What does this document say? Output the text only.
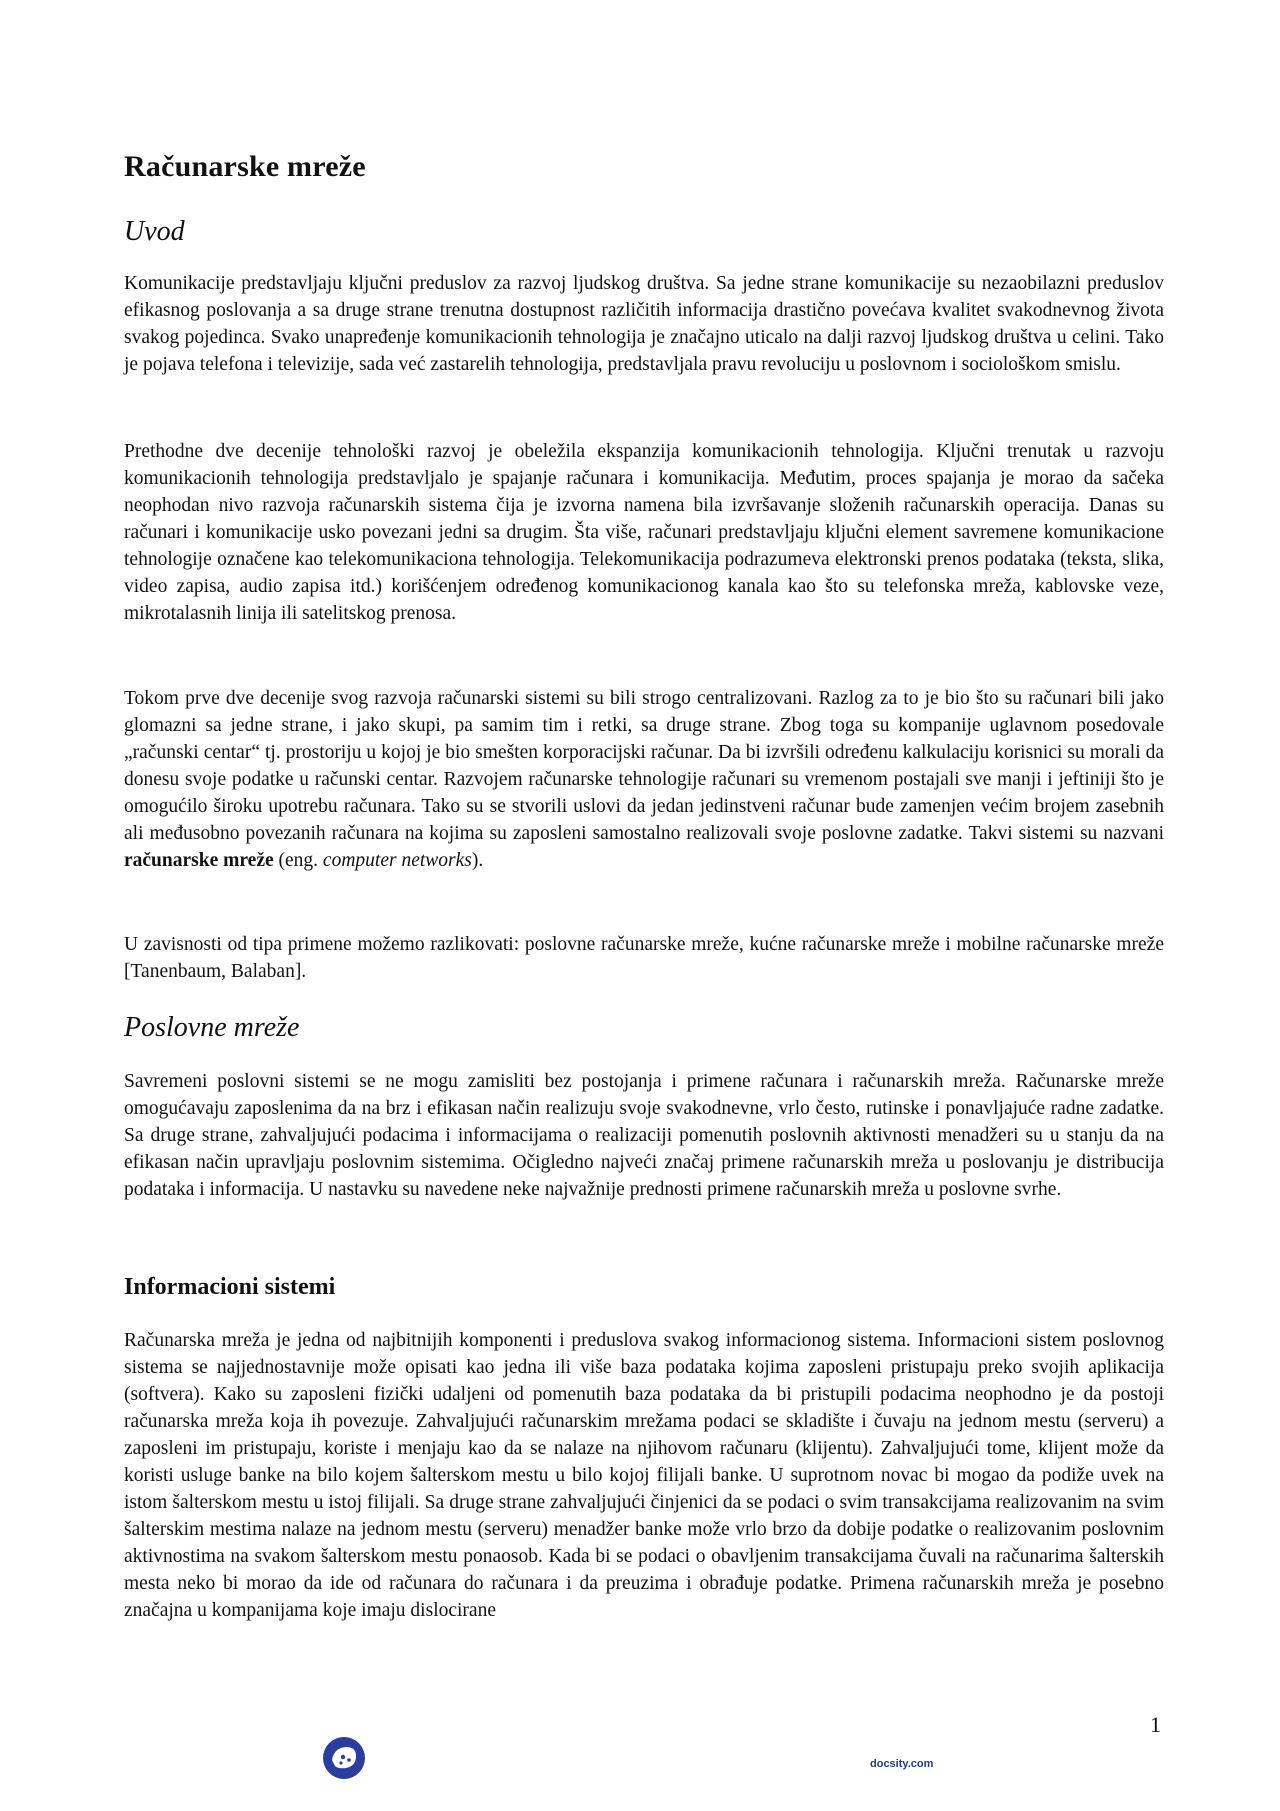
Računarske mreže
Uvod

Komunikacije predstavljaju ključni preduslov za razvoj ljudskog društva. Sa jedne strane komunikacije su nezaobilazni preduslov efikasnog poslovanja a sa druge strane trenutna dostupnost različitih informacija drastično povećava kvalitet svakodnevnog života svakog pojedinca. Svako unapređenje komunikacionih tehnologija je značajno uticalo na dalji razvoj ljudskog društva u celini. Tako je pojava telefona i televizije, sada već zastarelih tehnologija, predstavljala pravu revoluciju u poslovnom i sociološkom smislu.

Prethodne dve decenije tehnološki razvoj je obeležila ekspanzija komunikacionih tehnologija. Ključni trenutak u razvoju komunikacionih tehnologija predstavljalo je spajanje računara i komunikacija. Međutim, proces spajanja je morao da sačeka neophodan nivo razvoja računarskih sistema čija je izvorna namena bila izvršavanje složenih računarskih operacija. Danas su računari i komunikacije usko povezani jedni sa drugim. Šta više, računari predstavljaju ključni element savremene komunikacione tehnologije označene kao telekomunikaciona tehnologija. Telekomunikacija podrazumeva elektronski prenos podataka (teksta, slika, video zapisa, audio zapisa itd.) korišćenjem određenog komunikacionog kanala kao što su telefonska mreža, kablovske veze, mikrotalasnih linija ili satelitskog prenosa.

Tokom prve dve decenije svog razvoja računarski sistemi su bili strogo centralizovani. Razlog za to je bio što su računari bili jako glomazni sa jedne strane, i jako skupi, pa samim tim i retki, sa druge strane. Zbog toga su kompanije uglavnom posedovale „računski centar“ tj. prostoriju u kojoj je bio smešten korporacijski računar. Da bi izvršili određenu kalkulaciju korisnici su morali da donesu svoje podatke u računski centar. Razvojem računarske tehnologije računari su vremenom postajali sve manji i jeftiniji što je omogućilo široku upotrebu računara. Tako su se stvorili uslovi da jedan jedinstveni računar bude zamenjen većim brojem zasebnih ali međusobno povezanih računara na kojima su zaposleni samostalno realizovali svoje poslovne zadatke. Takvi sistemi su nazvani računarske mreže (eng. computer networks).

U zavisnosti od tipa primene možemo razlikovati: poslovne računarske mreže, kućne računarske mreže i mobilne računarske mreže [Tanenbaum, Balaban].

Poslovne mreže

Savremeni poslovni sistemi se ne mogu zamisliti bez postojanja i primene računara i računarskih mreža. Računarske mreže omogućavaju zaposlenima da na brz i efikasan način realizuju svoje svakodnevne, vrlo često, rutinske i ponavljajuće radne zadatke. Sa druge strane, zahvaljujući podacima i informacijama o realizaciji pomenutih poslovnih aktivnosti menadžeri su u stanju da na efikasan način upravljaju poslovnim sistemima. Očigledno najveći značaj primene računarskih mreža u poslovanju je distribucija podataka i informacija. U nastavku su navedene neke najvažnije prednosti primene računarskih mreža u poslovne svrhe.

Informacioni sistemi

Računarska mreža je jedna od najbitnijih komponenti i preduslova svakog informacionog sistema. Informacioni sistem poslovnog sistema se najjednostavnije može opisati kao jedna ili više baza podataka kojima zaposleni pristupaju preko svojih aplikacija (softvera). Kako su zaposleni fizički udaljeni od pomenutih baza podataka da bi pristupili podacima neophodno je da postoji računarska mreža koja ih povezuje. Zahvaljujući računarskim mrežama podaci se skladište i čuvaju na jednom mestu (serveru) a zaposleni im pristupaju, koriste i menjaju kao da se nalaze na njihovom računaru (klijentu). Zahvaljujući tome, klijent može da koristi usluge banke na bilo kojem šalterskom mestu u bilo kojoj filijali banke. U suprotnom novac bi mogao da podiže uvek na istom šalterskom mestu u istoj filijali. Sa druge strane zahvaljujući činjenici da se podaci o svim transakcijama realizovanim na svim šalterskim mestima nalaze na jednom mestu (serveru) menadžer banke može vrlo brzo da dobije podatke o realizovanim poslovnim aktivnostima na svakom šalterskom mestu ponaosob. Kada bi se podaci o obavljenim transakcijama čuvali na računarima šalterskih mesta neko bi morao da ide od računara do računara i da preuzima i obrađuje podatke. Primena računarskih mreža je posebno značajna u kompanijama koje imaju dislocirane

1
docsity.com
